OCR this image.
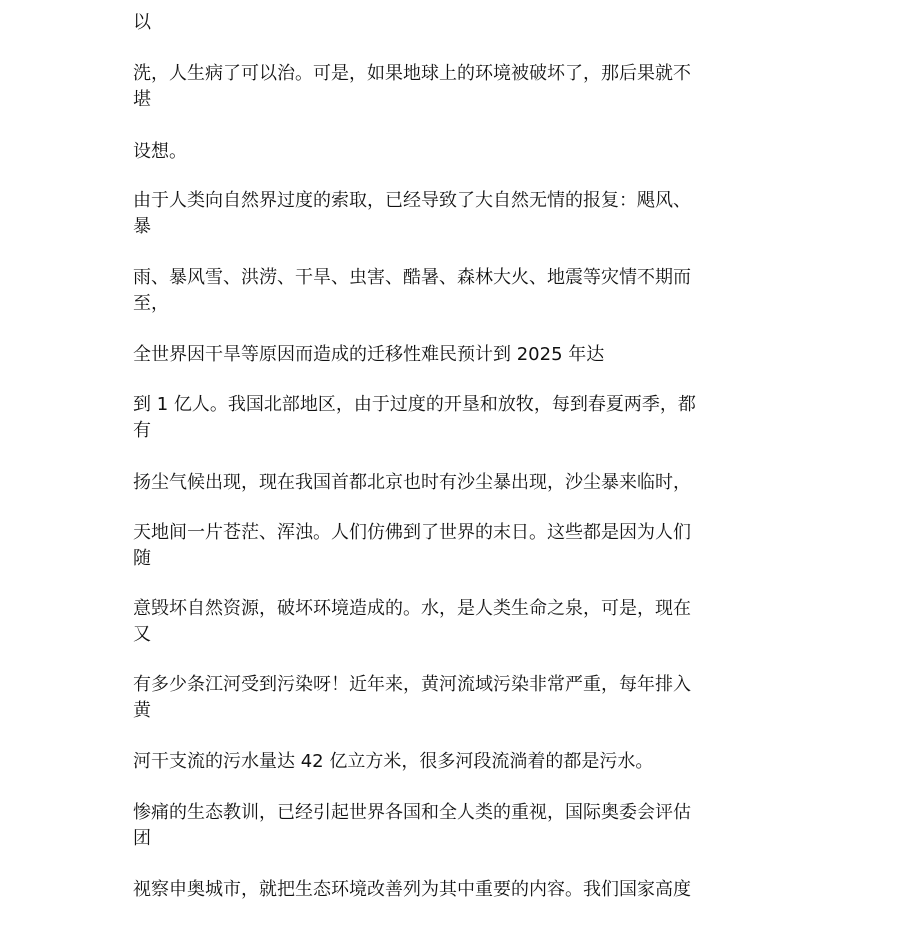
以

洗，人生病了可以治。可是，如果地球上的环境被破坏了，那后果就不
堪

设想。

由于人类向自然界过度的索取，已经导致了大自然无情的报复：飓风、
暴

雨、暴风雪、洪涝、干旱、虫害、酷暑、森林大火、地震等灾情不期而
至，

全世界因干旱等原因而造成的迁移性难民预计到 2025 年达

到 1 亿人。我国北部地区，由于过度的开垦和放牧，每到春夏两季，都
有

扬尘气候出现，现在我国首都北京也时有沙尘暴出现，沙尘暴来临时，

天地间一片苍茫、浑浊。人们仿佛到了世界的末日。这些都是因为人们
随

意毁坏自然资源，破坏环境造成的。水，是人类生命之泉，可是，现在
又

有多少条江河受到污染呀！近年来，黄河流域污染非常严重，每年排入
黄

河干支流的污水量达 42 亿立方米，很多河段流淌着的都是污水。

惨痛的生态教训，已经引起世界各国和全人类的重视，国际奥委会评估
团

视察申奥城市，就把生态环境改善列为其中重要的内容。我们国家高度
